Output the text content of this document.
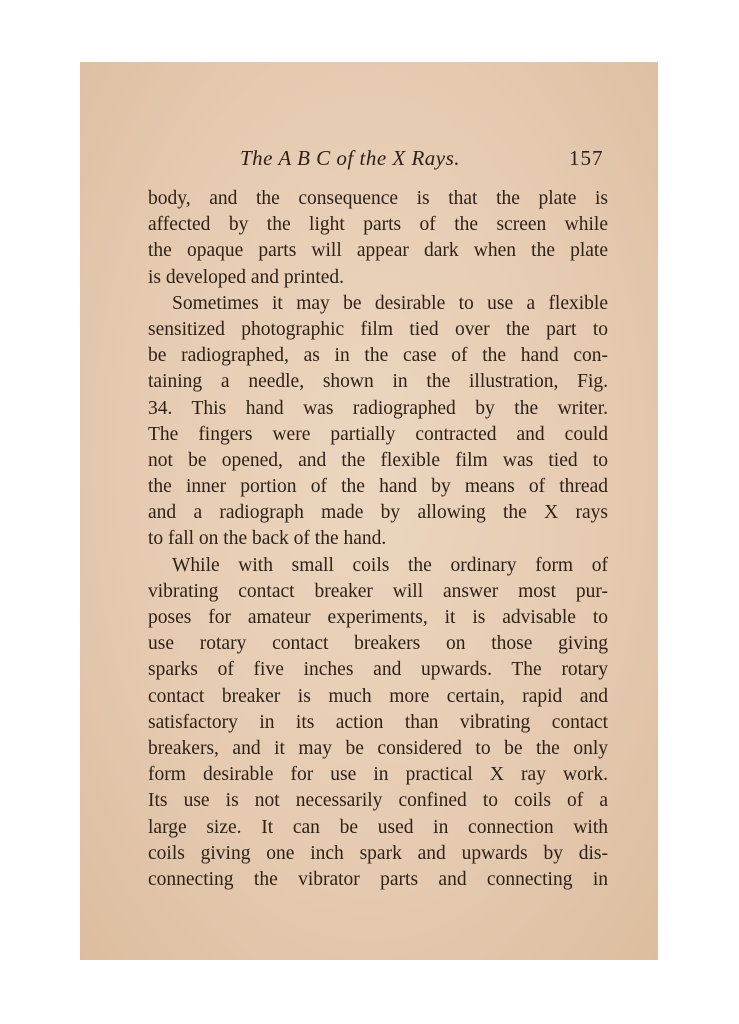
The A B C of the X Rays.	157
body, and the consequence is that the plate is
affected by the light parts of the screen while
the opaque parts will appear dark when the plate
is developed and printed.
Sometimes it may be desirable to use a flexible
sensitized photographic film tied over the part to
be radiographed, as in the case of the hand con-
taining a needle, shown in the illustration, Fig.
34. This hand was radiographed by the writer.
The fingers were partially contracted and could
not be opened, and the flexible film was tied to
the inner portion of the hand by means of thread
and a radiograph made by allowing the X rays
to fall on the back of the hand.
While with small coils the ordinary form of
vibrating contact breaker will answer most pur-
poses for amateur experiments, it is advisable to
use rotary contact breakers on those giving
sparks of five inches and upwards. The rotary
contact breaker is much more certain, rapid and
satisfactory in its action than vibrating contact
breakers, and it may be considered to be the only
form desirable for use in practical X ray work.
Its use is not necessarily confined to coils of a
large size. It can be used in connection with
coils giving one inch spark and upwards by dis-
connecting the vibrator parts and connecting in
